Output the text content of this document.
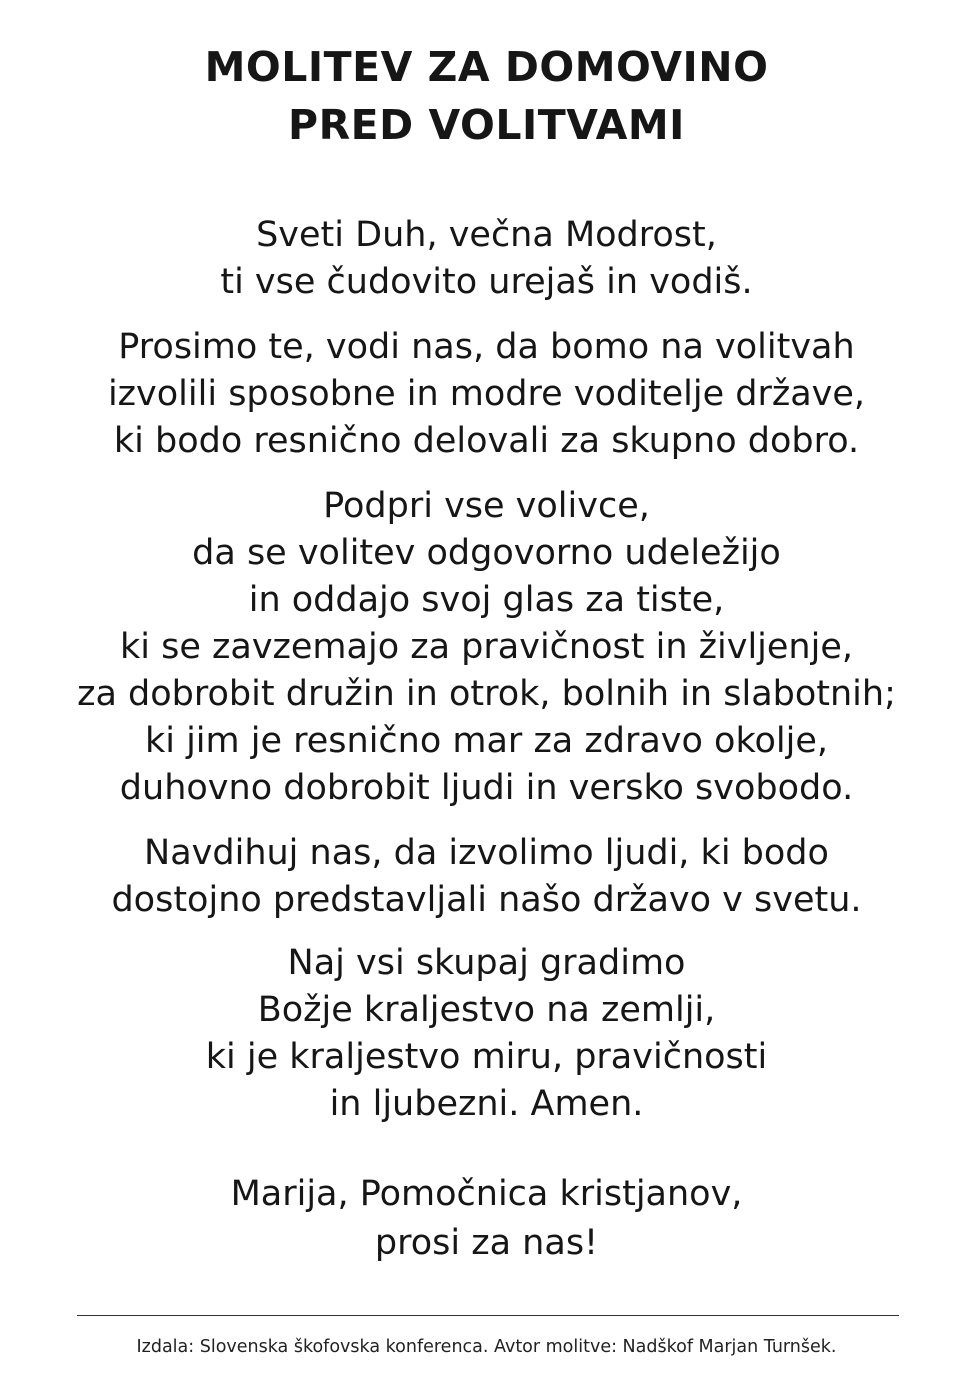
MOLITEV ZA DOMOVINO
PRED VOLITVAMI
Sveti Duh, večna Modrost,
ti vse čudovito urejaš in vodiš.
Prosimo te, vodi nas, da bomo na volitvah
izvolili sposobne in modre voditelje države,
ki bodo resnično delovali za skupno dobro.
Podpri vse volivce,
da se volitev odgovorno udeležijo
in oddajo svoj glas za tiste,
ki se zavzemajo za pravičnost in življenje,
za dobrobit družin in otrok, bolnih in slabotnih;
ki jim je resnično mar za zdravo okolje,
duhovno dobrobit ljudi in versko svobodo.
Navdihuj nas, da izvolimo ljudi, ki bodo
dostojno predstavljali našo državo v svetu.
Naj vsi skupaj gradimo
Božje kraljestvo na zemlji,
ki je kraljestvo miru, pravičnosti
in ljubezni. Amen.
Marija, Pomočnica kristjanov,
prosi za nas!
Izdala: Slovenska škofovska konferenca. Avtor molitve: Nadškof Marjan Turnšek.
